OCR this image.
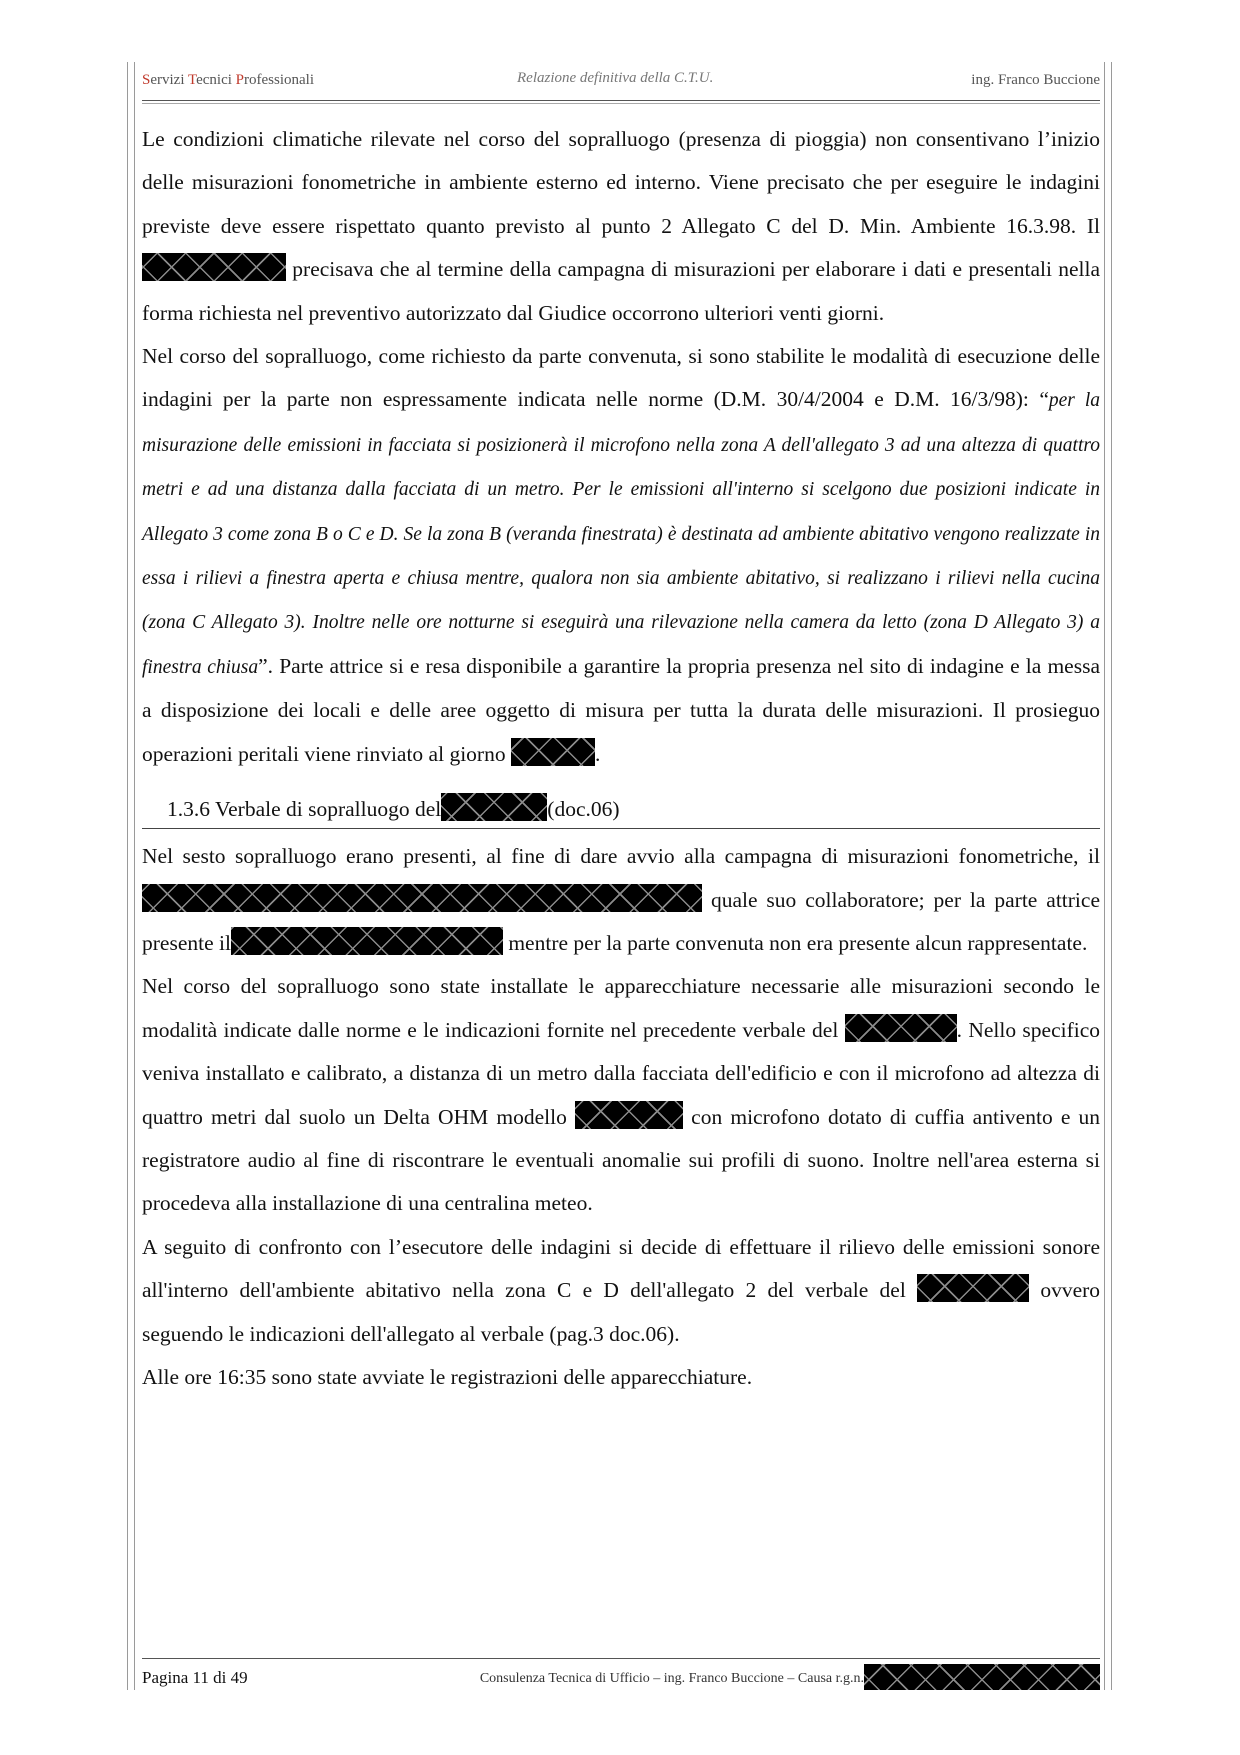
Servizi Tecnici Professionali	Relazione definitiva della C.T.U.	ing. Franco Buccione

Le condizioni climatiche rilevate nel corso del sopralluogo (presenza di pioggia) non consentivano l’inizio delle misurazioni fonometriche in ambiente esterno ed interno. Viene precisato che per eseguire le indagini previste deve essere rispettato quanto previsto al punto 2 Allegato C del D. Min. Ambiente 16.3.98. Il  precisava che al termine della campagna di misurazioni per elaborare i dati e presentali nella forma richiesta nel preventivo autorizzato dal Giudice occorrono ulteriori venti giorni.

Nel corso del sopralluogo, come richiesto da parte convenuta, si sono stabilite le modalità di esecuzione delle indagini per la parte non espressamente indicata nelle norme (D.M. 30/4/2004 e D.M. 16/3/98): “per la misurazione delle emissioni in facciata si posizionerà il microfono nella zona A dell'allegato 3 ad una altezza di quattro metri e ad una distanza dalla facciata di un metro. Per le emissioni all'interno si scelgono due posizioni indicate in Allegato 3 come zona B o C e D. Se la zona B (veranda finestrata) è destinata ad ambiente abitativo vengono realizzate in essa i rilievi a finestra aperta e chiusa mentre, qualora non sia ambiente abitativo, si realizzano i rilievi nella cucina (zona C Allegato 3). Inoltre nelle ore notturne si eseguirà una rilevazione nella camera da letto (zona D Allegato 3) a finestra chiusa”. Parte attrice si e resa disponibile a garantire la propria presenza nel sito di indagine e la messa a disposizione dei locali e delle aree oggetto di misura per tutta la durata delle misurazioni. Il prosieguo operazioni peritali viene rinviato al giorno	.

1.3.6 Verbale di sopralluogo del	(doc.06)

Nel sesto sopralluogo erano presenti, al fine di dare avvio alla campagna di misurazioni fonometriche, il quale suo collaboratore; per la parte attrice presente il	mentre per la parte convenuta non era presente alcun rappresentate.

Nel corso del sopralluogo sono state installate le apparecchiature necessarie alle misurazioni secondo le modalità indicate dalle norme e le indicazioni fornite nel precedente verbale del	. Nello specifico veniva installato e calibrato, a distanza di un metro dalla facciata dell'edificio e con il microfono ad altezza di quattro metri dal suolo un Delta OHM modello	con microfono dotato di cuffia antivento e un registratore audio al fine di riscontrare le eventuali anomalie sui profili di suono. Inoltre nell'area esterna si procedeva alla installazione di una centralina meteo.

A seguito di confronto con l’esecutore delle indagini si decide di effettuare il rilievo delle emissioni sonore all'interno dell'ambiente abitativo nella zona C e D dell'allegato 2 del verbale del	ovvero seguendo le indicazioni dell'allegato al verbale (pag.3 doc.06).

Alle ore 16:35 sono state avviate le registrazioni delle apparecchiature.

Pagina 11 di 49	Consulenza Tecnica di Ufficio – ing. Franco Buccione – Causa r.g.n.
